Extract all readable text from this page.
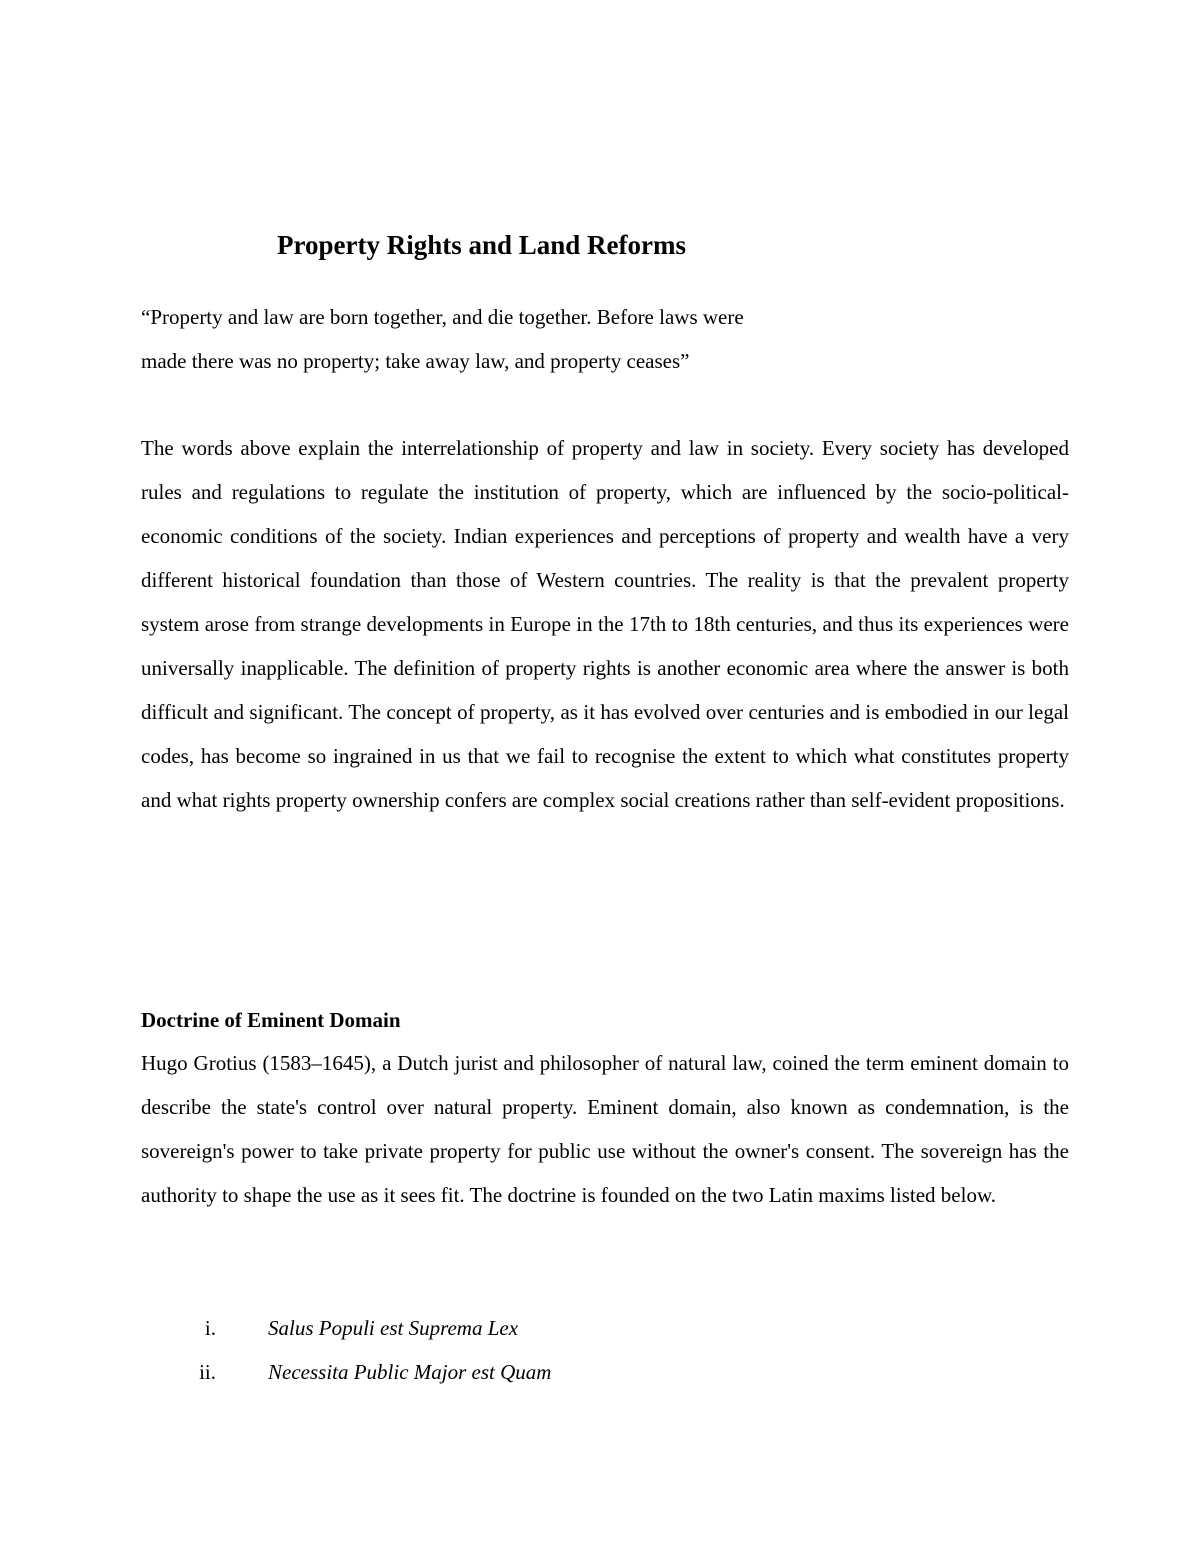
Property Rights and Land Reforms

“Property and law are born together, and die together. Before laws were

made there was no property; take away law, and property ceases”

The words above explain the interrelationship of property and law in society. Every society has developed rules and regulations to regulate the institution of property, which are influenced by the socio-political-economic conditions of the society. Indian experiences and perceptions of property and wealth have a very different historical foundation than those of Western countries. The reality is that the prevalent property system arose from strange developments in Europe in the 17th to 18th centuries, and thus its experiences were universally inapplicable. The definition of property rights is another economic area where the answer is both difficult and significant. The concept of property, as it has evolved over centuries and is embodied in our legal codes, has become so ingrained in us that we fail to recognise the extent to which what constitutes property and what rights property ownership confers are complex social creations rather than self-evident propositions.

Doctrine of Eminent Domain

Hugo Grotius (1583–1645), a Dutch jurist and philosopher of natural law, coined the term eminent domain to describe the state's control over natural property. Eminent domain, also known as condemnation, is the sovereign's power to take private property for public use without the owner's consent. The sovereign has the authority to shape the use as it sees fit. The doctrine is founded on the two Latin maxims listed below.

i. Salus Populi est Suprema Lex
ii. Necessita Public Major est Quam
